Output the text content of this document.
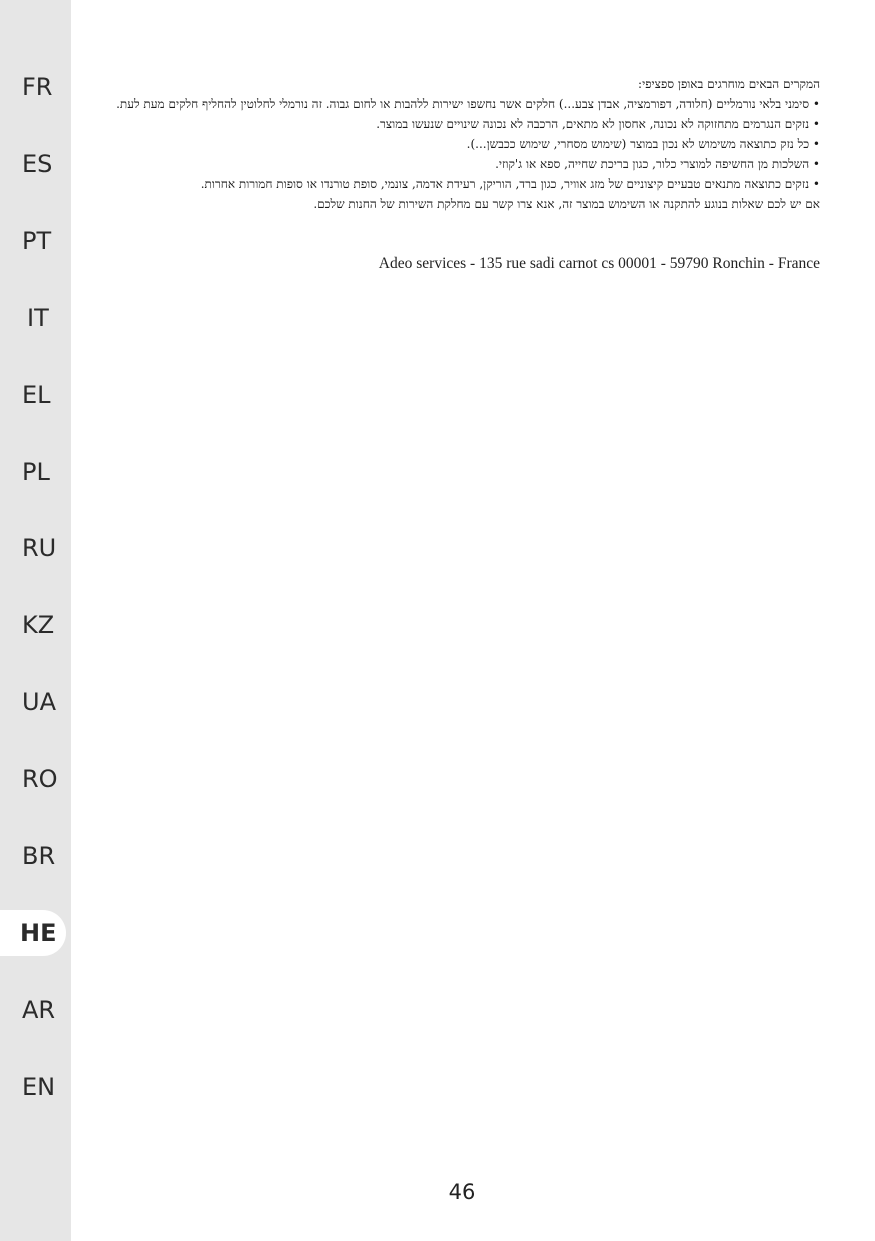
FR
ES
PT
IT
EL
PL
RU
KZ
UA
RO
BR
HE
AR
EN

המקרים הבאים מוחרגים באופן ספציפי:

• סימני בלאי נורמליים (חלודה, דפורמציה, אבדן צבע...) חלקים אשר נחשפו ישירות ללהבות או לחום גבוה. זה נורמלי לחלוטין להחליף חלקים מעת לעת.

• נזקים הנגרמים מתחזוקה לא נכונה, אחסון לא מתאים, הרכבה לא נכונה שינויים שנעשו במוצר.

• כל נזק כתוצאה משימוש לא נכון במוצר (שימוש מסחרי, שימוש ככבשן...).

• השלכות מן החשיפה למוצרי כלור, כגון בריכת שחייה, ספא או ג'קוזי.

• נזקים כתוצאה מתנאים טבעיים קיצוניים של מזג אוויר, כגון ברד, הוריקן, רעידת אדמה, צונמי, סופת טורנדו או סופות חמורות אחרות.

אם יש לכם שאלות בנוגע להתקנה או השימוש במוצר זה, אנא צרו קשר עם מחלקת השירות של החנות שלכם.

Adeo services - 135 rue sadi carnot cs 00001 - 59790 Ronchin - France
46
